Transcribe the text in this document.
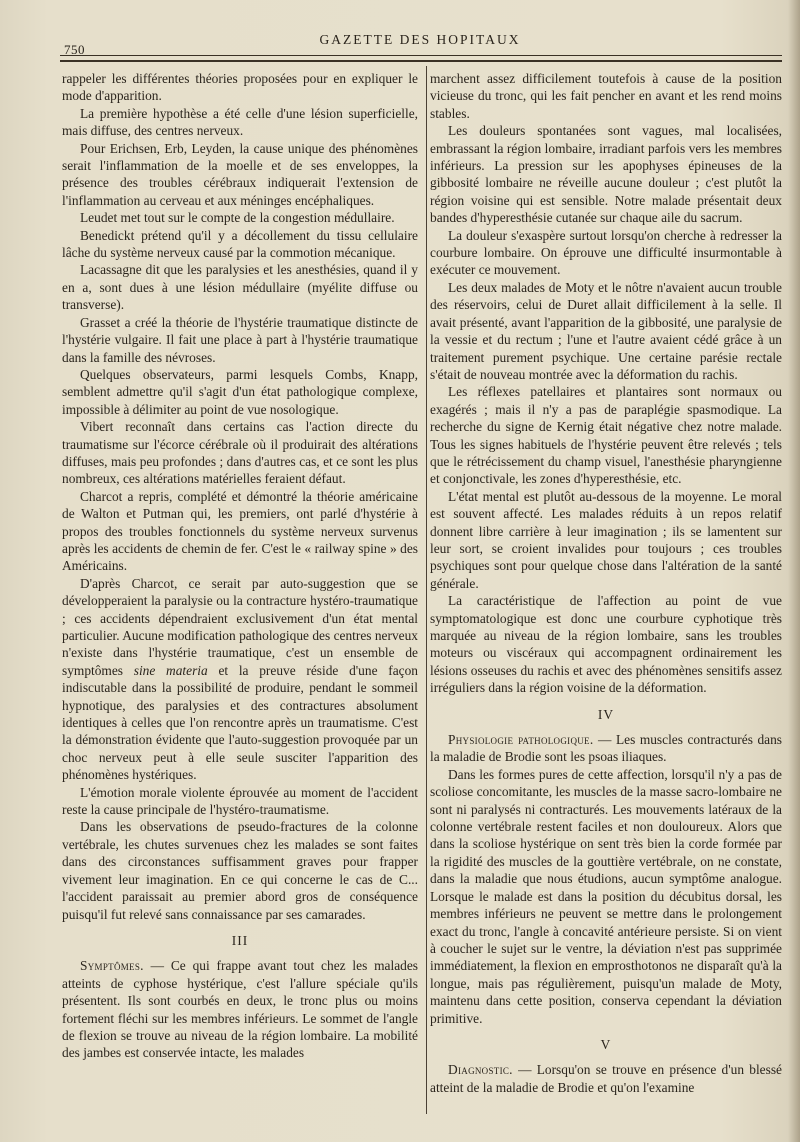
750
GAZETTE DES HOPITAUX

rappeler les différentes théories proposées pour en expliquer le mode d'apparition.

La première hypothèse a été celle d'une lésion superficielle, mais diffuse, des centres nerveux.

Pour Erichsen, Erb, Leyden, la cause unique des phénomènes serait l'inflammation de la moelle et de ses enveloppes, la présence des troubles cérébraux indiquerait l'extension de l'inflammation au cerveau et aux méninges encéphaliques.

Leudet met tout sur le compte de la congestion médullaire.

Benedickt prétend qu'il y a décollement du tissu cellulaire lâche du système nerveux causé par la commotion mécanique.

Lacassagne dit que les paralysies et les anesthésies, quand il y en a, sont dues à une lésion médullaire (myélite diffuse ou transverse).

Grasset a créé la théorie de l'hystérie traumatique distincte de l'hystérie vulgaire. Il fait une place à part à l'hystérie traumatique dans la famille des névroses.

Quelques observateurs, parmi lesquels Combs, Knapp, semblent admettre qu'il s'agit d'un état pathologique complexe, impossible à délimiter au point de vue nosologique.

Vibert reconnaît dans certains cas l'action directe du traumatisme sur l'écorce cérébrale où il produirait des altérations diffuses, mais peu profondes ; dans d'autres cas, et ce sont les plus nombreux, ces altérations matérielles feraient défaut.

Charcot a repris, complété et démontré la théorie américaine de Walton et Putman qui, les premiers, ont parlé d'hystérie à propos des troubles fonctionnels du système nerveux survenus après les accidents de chemin de fer. C'est le « railway spine » des Américains.

D'après Charcot, ce serait par auto-suggestion que se développeraient la paralysie ou la contracture hystéro-traumatique ; ces accidents dépendraient exclusivement d'un état mental particulier. Aucune modification pathologique des centres nerveux n'existe dans l'hystérie traumatique, c'est un ensemble de symptômes sine materia et la preuve réside d'une façon indiscutable dans la possibilité de produire, pendant le sommeil hypnotique, des paralysies et des contractures absolument identiques à celles que l'on rencontre après un traumatisme. C'est la démonstration évidente que l'auto-suggestion provoquée par un choc nerveux peut à elle seule susciter l'apparition des phénomènes hystériques.

L'émotion morale violente éprouvée au moment de l'accident reste la cause principale de l'hystéro-traumatisme.

Dans les observations de pseudo-fractures de la colonne vertébrale, les chutes survenues chez les malades se sont faites dans des circonstances suffisamment graves pour frapper vivement leur imagination. En ce qui concerne le cas de C... l'accident paraissait au premier abord gros de conséquence puisqu'il fut relevé sans connaissance par ses camarades.

III

Symptômes. — Ce qui frappe avant tout chez les malades atteints de cyphose hystérique, c'est l'allure spéciale qu'ils présentent. Ils sont courbés en deux, le tronc plus ou moins fortement fléchi sur les membres inférieurs. Le sommet de l'angle de flexion se trouve au niveau de la région lombaire. La mobilité des jambes est conservée intacte, les malades

marchent assez difficilement toutefois à cause de la position vicieuse du tronc, qui les fait pencher en avant et les rend moins stables.

Les douleurs spontanées sont vagues, mal localisées, embrassant la région lombaire, irradiant parfois vers les membres inférieurs. La pression sur les apophyses épineuses de la gibbosité lombaire ne réveille aucune douleur ; c'est plutôt la région voisine qui est sensible. Notre malade présentait deux bandes d'hyperesthésie cutanée sur chaque aile du sacrum.

La douleur s'exaspère surtout lorsqu'on cherche à redresser la courbure lombaire. On éprouve une difficulté insurmontable à exécuter ce mouvement.

Les deux malades de Moty et le nôtre n'avaient aucun trouble des réservoirs, celui de Duret allait difficilement à la selle. Il avait présenté, avant l'apparition de la gibbosité, une paralysie de la vessie et du rectum ; l'une et l'autre avaient cédé grâce à un traitement purement psychique. Une certaine parésie rectale s'était de nouveau montrée avec la déformation du rachis.

Les réflexes patellaires et plantaires sont normaux ou exagérés ; mais il n'y a pas de paraplégie spasmodique. La recherche du signe de Kernig était négative chez notre malade. Tous les signes habituels de l'hystérie peuvent être relevés ; tels que le rétrécissement du champ visuel, l'anesthésie pharyngienne et conjonctivale, les zones d'hyperesthésie, etc.

L'état mental est plutôt au-dessous de la moyenne. Le moral est souvent affecté. Les malades réduits à un repos relatif donnent libre carrière à leur imagination ; ils se lamentent sur leur sort, se croient invalides pour toujours ; ces troubles psychiques sont pour quelque chose dans l'altération de la santé générale.

La caractéristique de l'affection au point de vue symptomatologique est donc une courbure cyphotique très marquée au niveau de la région lombaire, sans les troubles moteurs ou viscéraux qui accompagnent ordinairement les lésions osseuses du rachis et avec des phénomènes sensitifs assez irréguliers dans la région voisine de la déformation.

IV

Physiologie pathologique. — Les muscles contracturés dans la maladie de Brodie sont les psoas iliaques.

Dans les formes pures de cette affection, lorsqu'il n'y a pas de scoliose concomitante, les muscles de la masse sacro-lombaire ne sont ni paralysés ni contracturés. Les mouvements latéraux de la colonne vertébrale restent faciles et non douloureux. Alors que dans la scoliose hystérique on sent très bien la corde formée par la rigidité des muscles de la gouttière vertébrale, on ne constate, dans la maladie que nous étudions, aucun symptôme analogue. Lorsque le malade est dans la position du décubitus dorsal, les membres inférieurs ne peuvent se mettre dans le prolongement exact du tronc, l'angle à concavité antérieure persiste. Si on vient à coucher le sujet sur le ventre, la déviation n'est pas supprimée immédiatement, la flexion en emprosthotonos ne disparaît qu'à la longue, mais pas régulièrement, puisqu'un malade de Moty, maintenu dans cette position, conserva cependant la déviation primitive.

V

Diagnostic. — Lorsqu'on se trouve en présence d'un blessé atteint de la maladie de Brodie et qu'on l'examine
